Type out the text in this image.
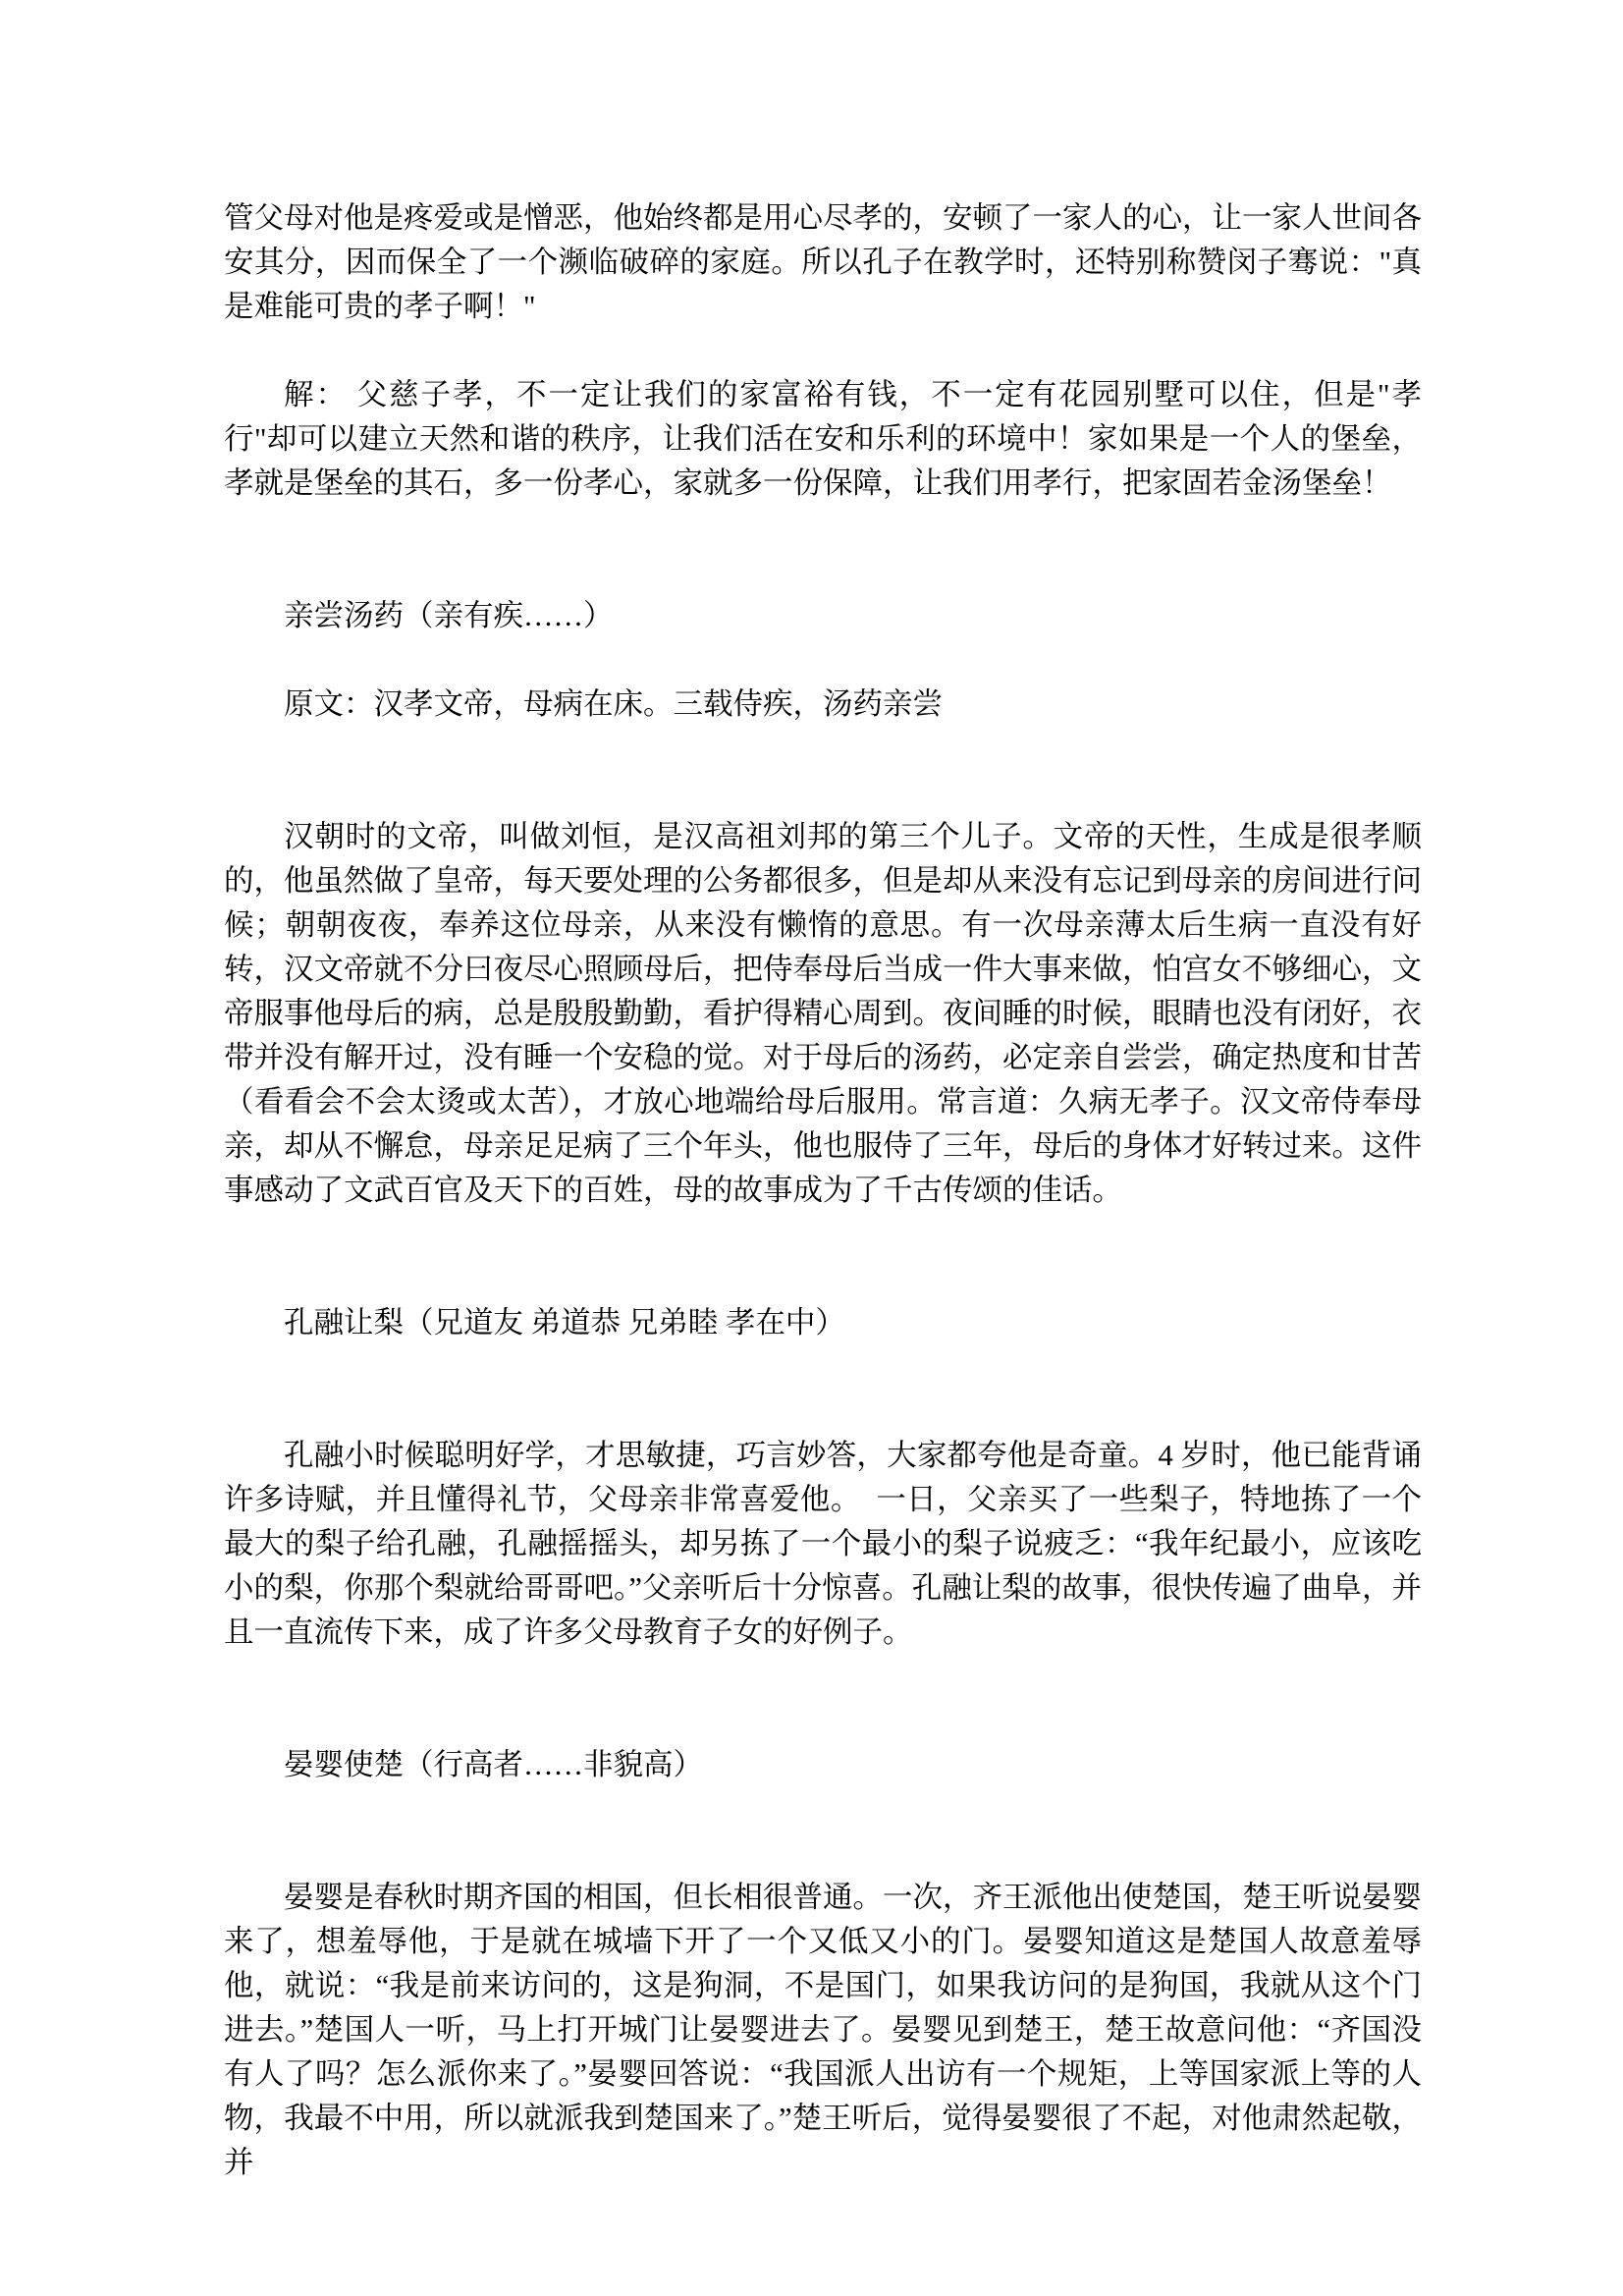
管父母对他是疼爱或是憎恶，他始终都是用心尽孝的，安顿了一家人的心，让一家人世间各安其分，因而保全了一个濒临破碎的家庭。所以孔子在教学时，还特别称赞闵子骞说："真是难能可贵的孝子啊！"
解： 父慈子孝，不一定让我们的家富裕有钱，不一定有花园别墅可以住，但是"孝行"却可以建立天然和谐的秩序，让我们活在安和乐利的环境中！家如果是一个人的堡垒，孝就是堡垒的其石，多一份孝心，家就多一份保障，让我们用孝行，把家固若金汤堡垒！
亲尝汤药（亲有疾……）
原文：汉孝文帝，母病在床。三载侍疾，汤药亲尝
汉朝时的文帝，叫做刘恒，是汉高祖刘邦的第三个儿子。文帝的天性，生成是很孝顺的，他虽然做了皇帝，每天要处理的公务都很多，但是却从来没有忘记到母亲的房间进行问候；朝朝夜夜，奉养这位母亲，从来没有懒惰的意思。有一次母亲薄太后生病一直没有好转，汉文帝就不分曰夜尽心照顾母后，把侍奉母后当成一件大事来做，怕宫女不够细心，文帝服事他母后的病，总是殷殷勤勤，看护得精心周到。夜间睡的时候，眼睛也没有闭好，衣带并没有解开过，没有睡一个安稳的觉。对于母后的汤药，必定亲自尝尝，确定热度和甘苦（看看会不会太烫或太苦），才放心地端给母后服用。常言道：久病无孝子。汉文帝侍奉母亲，却从不懈怠，母亲足足病了三个年头，他也服侍了三年，母后的身体才好转过来。这件事感动了文武百官及天下的百姓，母的故事成为了千古传颂的佳话。
孔融让梨（兄道友 弟道恭 兄弟睦 孝在中）
孔融小时候聪明好学，才思敏捷，巧言妙答，大家都夸他是奇童。4 岁时，他已能背诵许多诗赋，并且懂得礼节，父母亲非常喜爱他。　一日，父亲买了一些梨子，特地拣了一个最大的梨子给孔融，孔融摇摇头，却另拣了一个最小的梨子说疲乏：“我年纪最小，应该吃小的梨，你那个梨就给哥哥吧。”父亲听后十分惊喜。孔融让梨的故事，很快传遍了曲阜，并且一直流传下来，成了许多父母教育子女的好例子。
晏婴使楚（行高者……非貌高）
晏婴是春秋时期齐国的相国，但长相很普通。一次，齐王派他出使楚国，楚王听说晏婴来了，想羞辱他，于是就在城墙下开了一个又低又小的门。晏婴知道这是楚国人故意羞辱他，就说：“我是前来访问的，这是狗洞，不是国门，如果我访问的是狗国，我就从这个门进去。”楚国人一听，马上打开城门让晏婴进去了。晏婴见到楚王，楚王故意问他：“齐国没有人了吗？怎么派你来了。”晏婴回答说：“我国派人出访有一个规矩，上等国家派上等的人物，我最不中用，所以就派我到楚国来了。”楚王听后，觉得晏婴很了不起，对他肃然起敬，并
